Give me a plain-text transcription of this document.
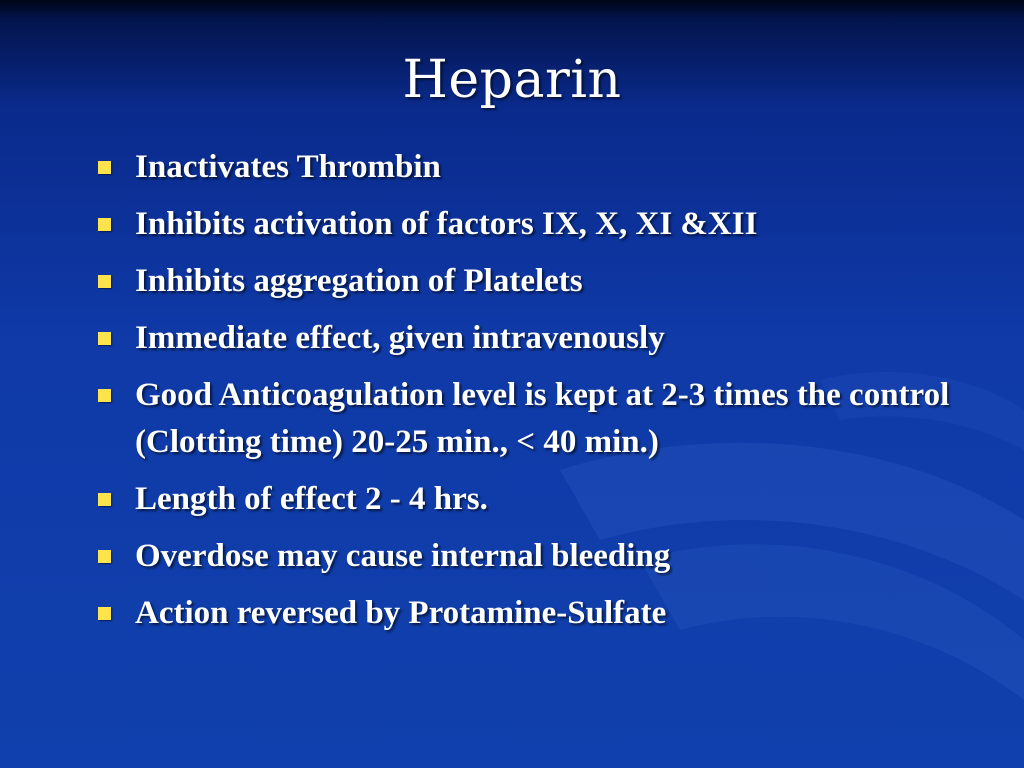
Heparin
Inactivates Thrombin
Inhibits activation of factors IX, X, XI &XII
Inhibits aggregation of Platelets
Immediate effect, given intravenously
Good Anticoagulation level is kept at 2-3 times the control (Clotting time) 20-25 min., < 40 min.)
Length of effect 2 - 4 hrs.
Overdose may cause internal bleeding
Action reversed by Protamine-Sulfate
